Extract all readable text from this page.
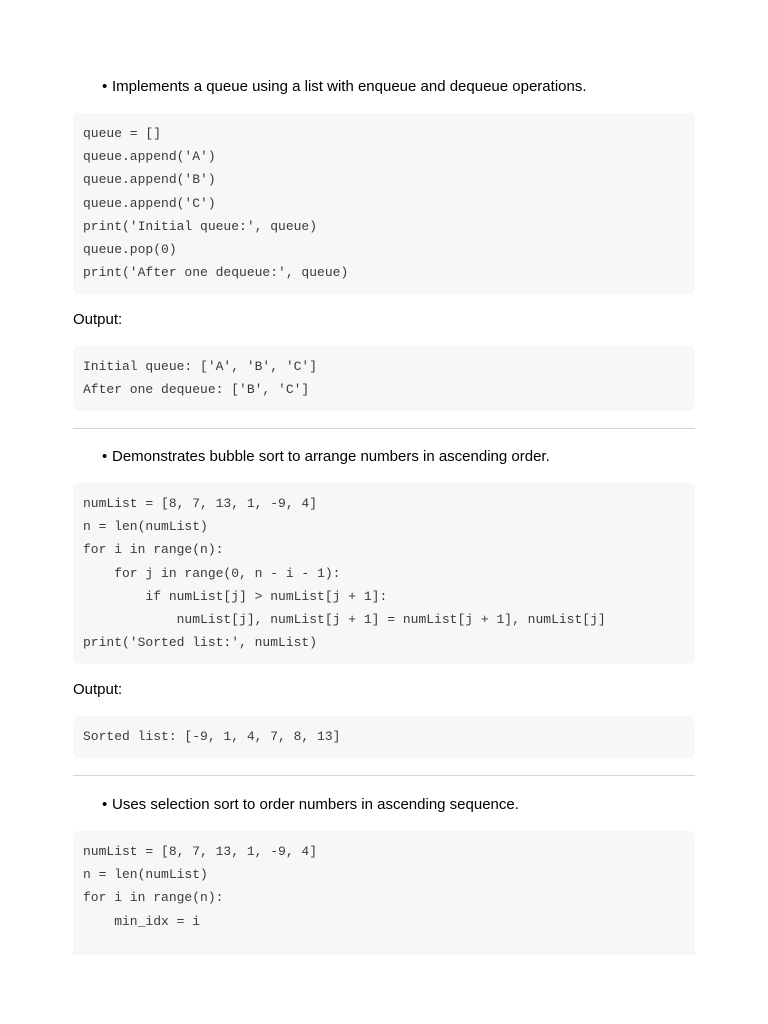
• Implements a queue using a list with enqueue and dequeue operations.
queue = []
queue.append('A')
queue.append('B')
queue.append('C')
print('Initial queue:', queue)
queue.pop(0)
print('After one dequeue:', queue)
Output:
Initial queue: ['A', 'B', 'C']
After one dequeue: ['B', 'C']
• Demonstrates bubble sort to arrange numbers in ascending order.
numList = [8, 7, 13, 1, -9, 4]
n = len(numList)
for i in range(n):
for j in range(0, n - i - 1):
if numList[j] > numList[j + 1]:
numList[j], numList[j + 1] = numList[j + 1], numList[j]
print('Sorted list:', numList)
Output:
Sorted list: [-9, 1, 4, 7, 8, 13]
• Uses selection sort to order numbers in ascending sequence.
numList = [8, 7, 13, 1, -9, 4]
n = len(numList)
for i in range(n):
min_idx = i
